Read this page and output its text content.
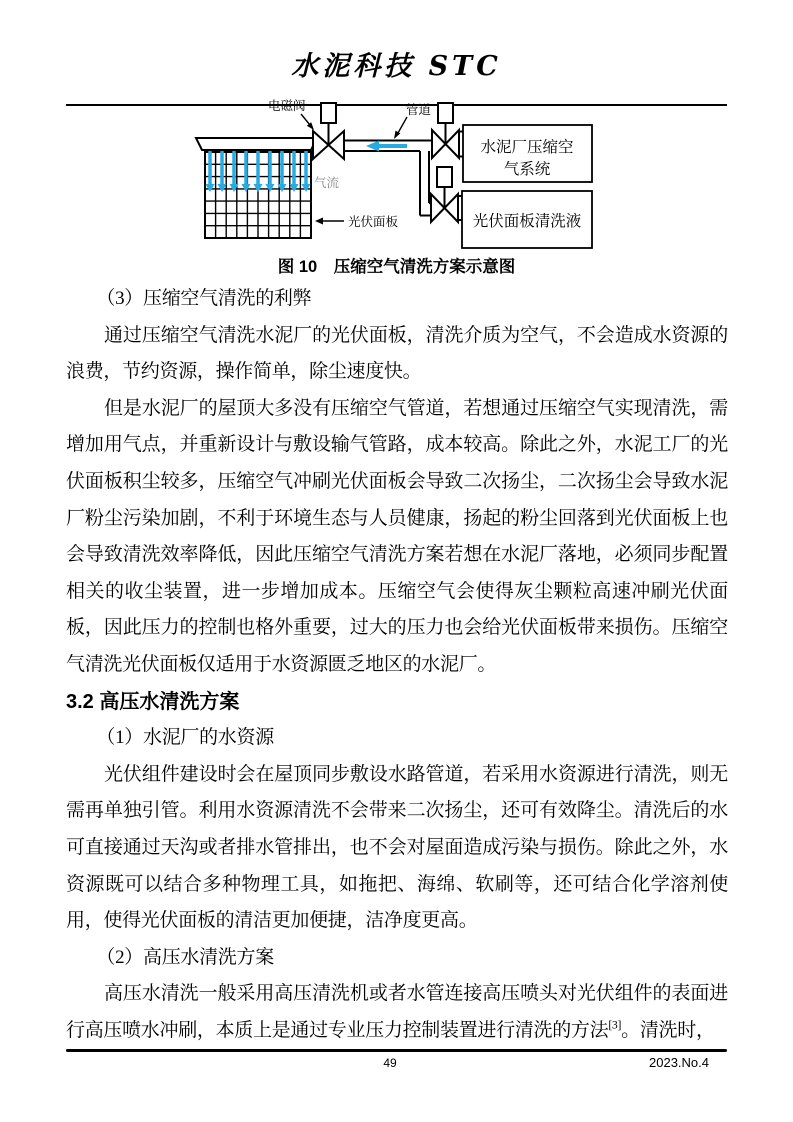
水泥科技 STC
水泥厂压缩空
气系统
光伏面板清洗液
电磁阀	管道
气流
光伏面板
图 10　压缩空气清洗方案示意图

（3）压缩空气清洗的利弊

通过压缩空气清洗水泥厂的光伏面板，清洗介质为空气，不会造成水资源的浪费，节约资源，操作简单，除尘速度快。

但是水泥厂的屋顶大多没有压缩空气管道，若想通过压缩空气实现清洗，需增加用气点，并重新设计与敷设输气管路，成本较高。除此之外，水泥工厂的光伏面板积尘较多，压缩空气冲刷光伏面板会导致二次扬尘，二次扬尘会导致水泥厂粉尘污染加剧，不利于环境生态与人员健康，扬起的粉尘回落到光伏面板上也会导致清洗效率降低，因此压缩空气清洗方案若想在水泥厂落地，必须同步配置相关的收尘装置，进一步增加成本。压缩空气会使得灰尘颗粒高速冲刷光伏面板，因此压力的控制也格外重要，过大的压力也会给光伏面板带来损伤。压缩空气清洗光伏面板仅适用于水资源匮乏地区的水泥厂。

3.2 高压水清洗方案

（1）水泥厂的水资源

光伏组件建设时会在屋顶同步敷设水路管道，若采用水资源进行清洗，则无需再单独引管。利用水资源清洗不会带来二次扬尘，还可有效降尘。清洗后的水可直接通过天沟或者排水管排出，也不会对屋面造成污染与损伤。除此之外，水资源既可以结合多种物理工具，如拖把、海绵、软刷等，还可结合化学溶剂使用，使得光伏面板的清洁更加便捷，洁净度更高。

（2）高压水清洗方案

高压水清洗一般采用高压清洗机或者水管连接高压喷头对光伏组件的表面进行高压喷水冲刷，本质上是通过专业压力控制装置进行清洗的方法[3]。清洗时，

49	2023.No.4
